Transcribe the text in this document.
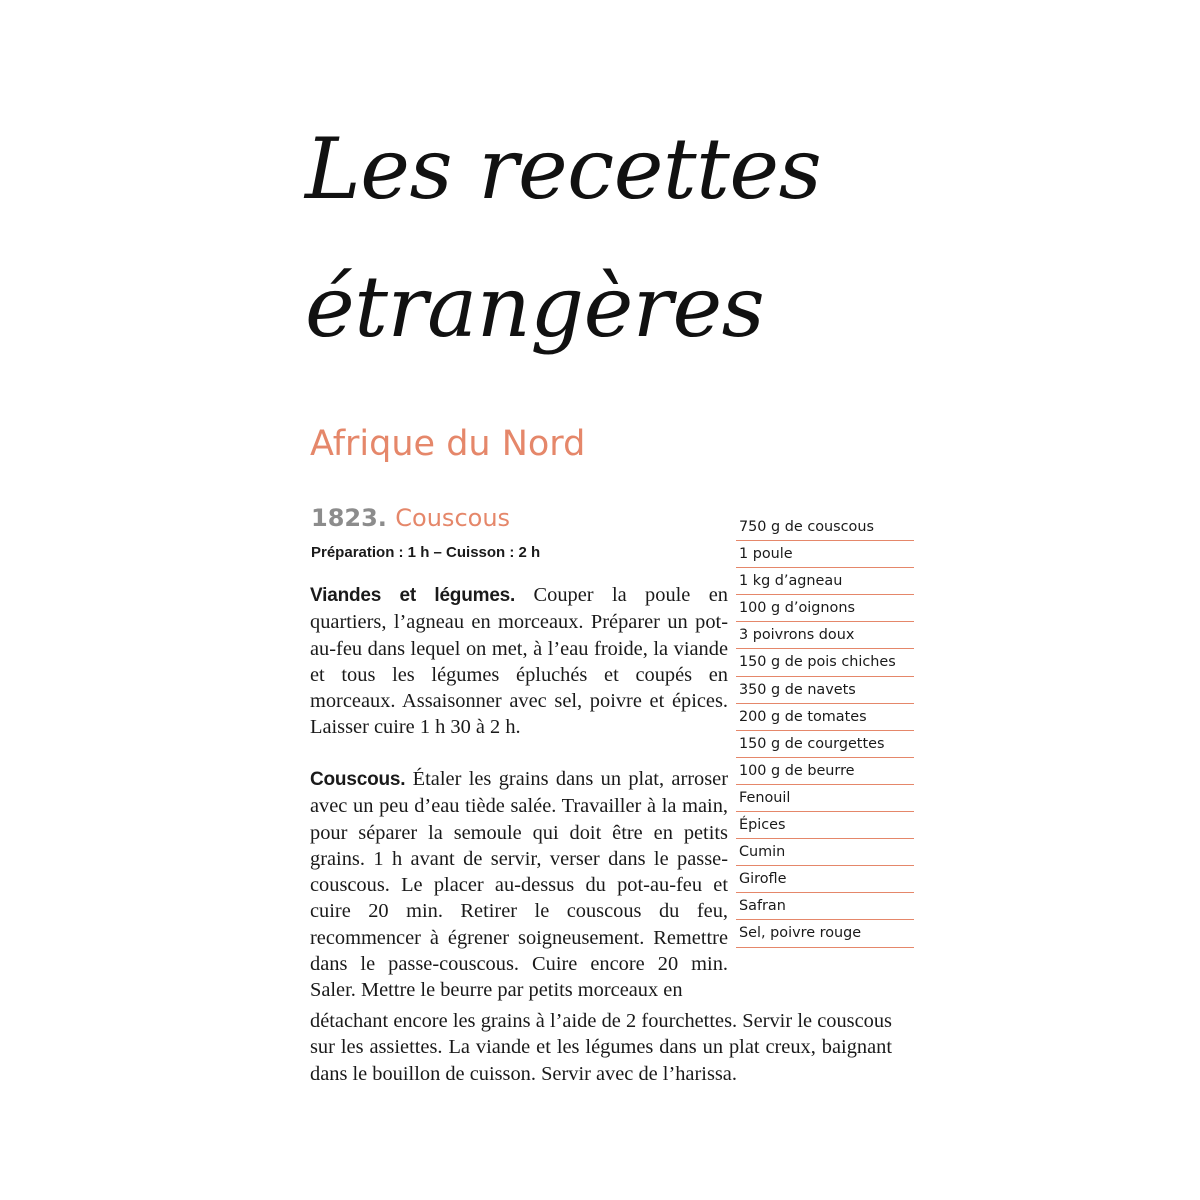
Les recettes
étrangères
Afrique du Nord
1823. Couscous

Préparation : 1 h – Cuisson : 2 h

Viandes et légumes. Couper la poule en quartiers, l’agneau en morceaux. Préparer un pot-au-feu dans lequel on met, à l’eau froide, la viande et tous les légumes épluchés et coupés en morceaux. Assaisonner avec sel, poivre et épices. Laisser cuire 1 h 30 à 2 h.

Couscous. Étaler les grains dans un plat, arroser avec un peu d’eau tiède salée. Travailler à la main, pour séparer la semoule qui doit être en petits grains. 1 h avant de servir, verser dans le passe-couscous. Le placer au-dessus du pot-au-feu et cuire 20 min. Retirer le couscous du feu, recommencer à égrener soigneusement. Remettre dans le passe-couscous. Cuire encore 20 min. Saler. Mettre le beurre par petits morceaux en

détachant encore les grains à l’aide de 2 fourchettes. Servir le couscous sur les assiettes. La viande et les légumes dans un plat creux, baignant dans le bouillon de cuisson. Servir avec de l’harissa.

750 g de couscous
1 poule
1 kg d’agneau
100 g d’oignons
3 poivrons doux
150 g de pois chiches
350 g de navets
200 g de tomates
150 g de courgettes
100 g de beurre
Fenouil
Épices
Cumin
Girofle
Safran
Sel, poivre rouge
